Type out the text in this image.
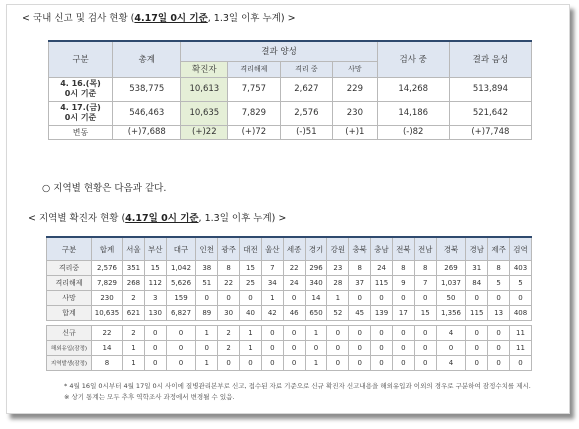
< 국내 신고 및 검사 현황 (4.17일 0시 기준, 1.3일 이후 누계) >
구분	총계	결과 양성				검사 중	결과 음성
		확진자	격리해제	격리 중	사망		
4. 16.(목)
0시 기준	538,775	10,613	7,757	2,627	229	14,268	513,894
4. 17.(금)
0시 기준	546,463	10,635	7,829	2,576	230	14,186	521,642
변동	(+)7,688	(+)22	(+)72	(-)51	(+)1	(-)82	(+)7,748
○ 지역별 현황은 다음과 같다.
< 지역별 확진자 현황 (4.17일 0시 기준, 1.3일 이후 누계) >
구분	합계	서울	부산	대구	인천	광주	대전	울산	세종	경기	강원	충북	충남	전북	전남	경북	경남	제주	검역
격리중	2,576	351	15	1,042	38	8	15	7	22	296	23	8	24	8	8	269	31	8	403
격리해제	7,829	268	112	5,626	51	22	25	34	24	340	28	37	115	9	7	1,037	84	5	5
사망	230	2	3	159	0	0	0	1	0	14	1	0	0	0	0	50	0	0	0
합계	10,635	621	130	6,827	89	30	40	42	46	650	52	45	139	17	15	1,356	115	13	408

신규	22	2	0	0	1	2	1	0	0	1	0	0	0	0	0	4	0	0	11
해외유입(잠정)	14	1	0	0	0	2	1	0	0	0	0	0	0	0	0	0	0	0	11
지역발생(잠정)	8	1	0	0	1	0	0	0	0	1	0	0	0	0	0	4	0	0	0
* 4월 16일 0시부터 4월 17일 0시 사이에 질병관리본부로 신고, 접수된 자료 기준으로 신규 확진자 신고내용을 해외유입과 이외의 경우로 구분하여 잠정수치를 제시. ※ 상기 통계는 모두 추후 역학조사 과정에서 변경될 수 있음.
